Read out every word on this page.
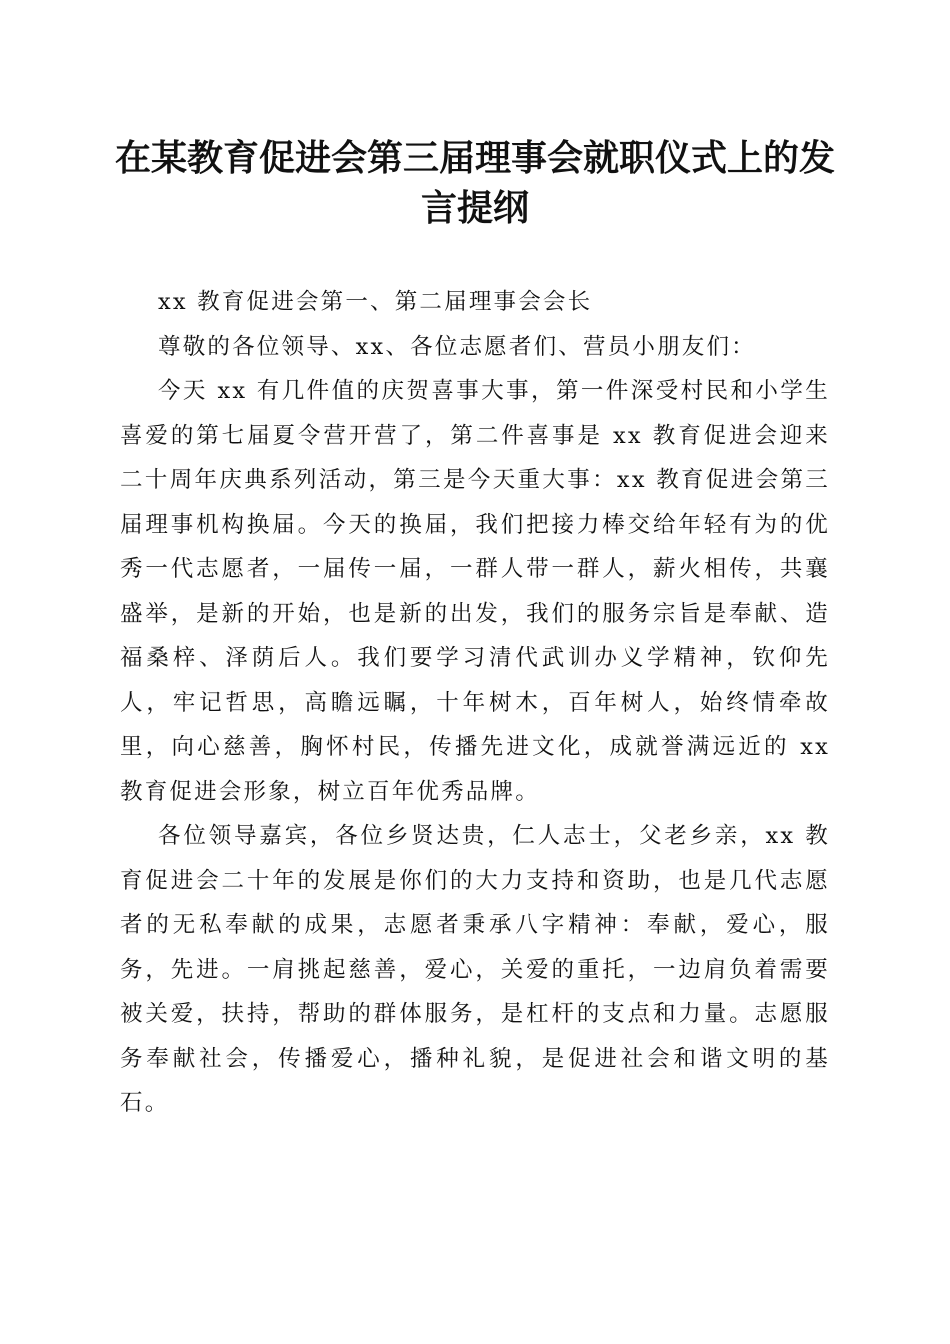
在某教育促进会第三届理事会就职仪式上的发言提纲

xx 教育促进会第一、第二届理事会会长

尊敬的各位领导、xx、各位志愿者们、营员小朋友们：

今天 xx 有几件值的庆贺喜事大事，第一件深受村民和小学生喜爱的第七届夏令营开营了，第二件喜事是 xx 教育促进会迎来二十周年庆典系列活动，第三是今天重大事：xx 教育促进会第三届理事机构换届。今天的换届，我们把接力棒交给年轻有为的优秀一代志愿者，一届传一届，一群人带一群人，薪火相传，共襄盛举，是新的开始，也是新的出发，我们的服务宗旨是奉献、造福桑梓、泽荫后人。我们要学习清代武训办义学精神，钦仰先人，牢记哲思，高瞻远瞩，十年树木，百年树人，始终情牵故里，向心慈善，胸怀村民，传播先进文化，成就誉满远近的 xx 教育促进会形象，树立百年优秀品牌。

各位领导嘉宾，各位乡贤达贵，仁人志士，父老乡亲，xx 教育促进会二十年的发展是你们的大力支持和资助，也是几代志愿者的无私奉献的成果，志愿者秉承八字精神：奉献，爱心，服务，先进。一肩挑起慈善，爱心，关爱的重托，一边肩负着需要被关爱，扶持，帮助的群体服务，是杠杆的支点和力量。志愿服务奉献社会，传播爱心，播种礼貌，是促进社会和谐文明的基石。
